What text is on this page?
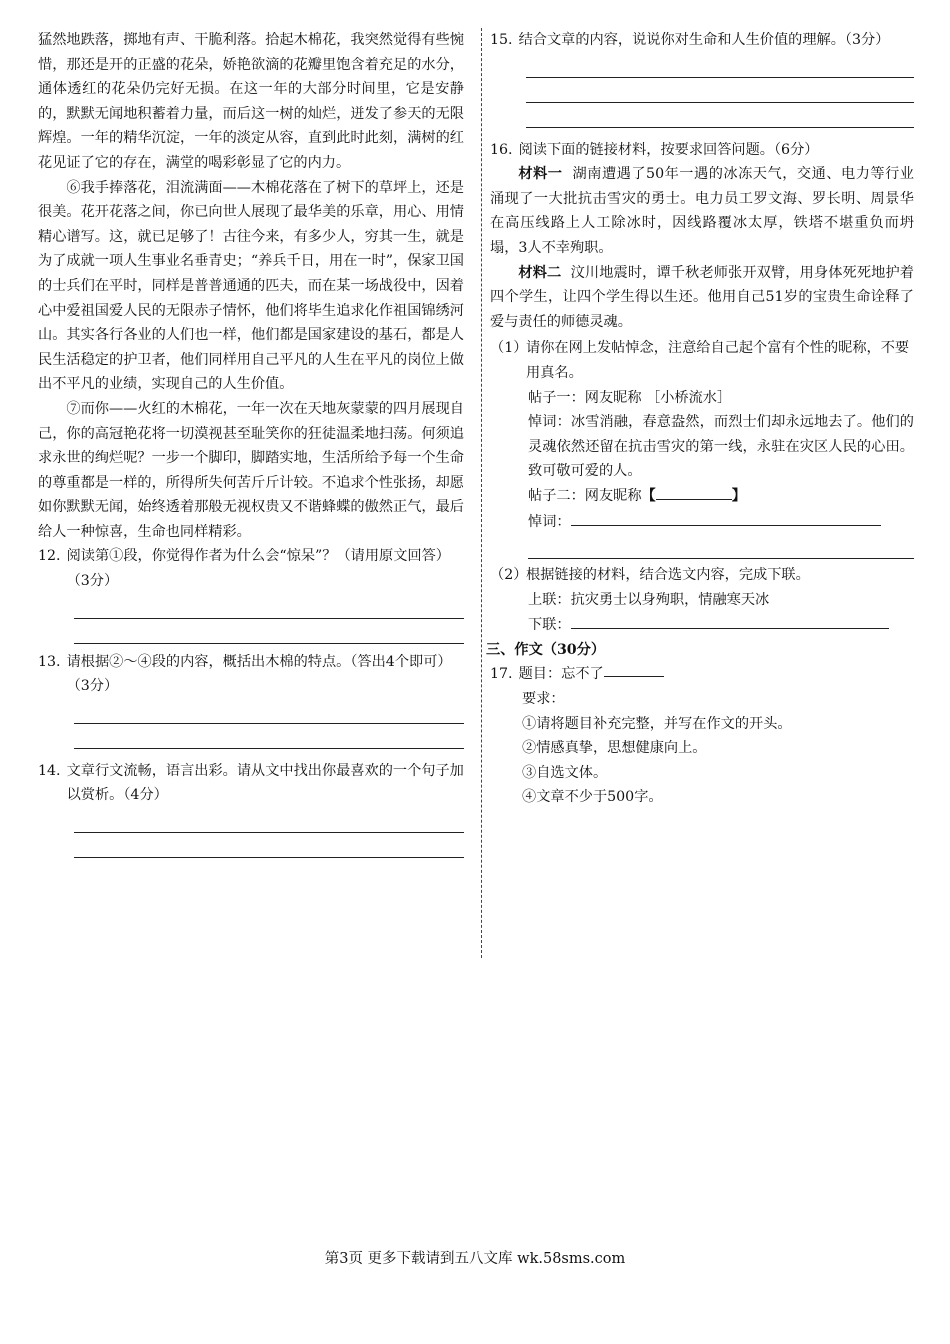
猛然地跌落，掷地有声、干脆利落。拾起木棉花，我突然觉得有些惋惜，那还是开的正盛的花朵，娇艳欲滴的花瓣里饱含着充足的水分，通体透红的花朵仍完好无损。在这一年的大部分时间里，它是安静的，默默无闻地积蓄着力量，而后这一树的灿烂，迸发了参天的无限辉煌。一年的精华沉淀，一年的淡定从容，直到此时此刻，满树的红花见证了它的存在，满堂的喝彩彰显了它的内力。

⑥我手捧落花，泪流满面——木棉花落在了树下的草坪上，还是很美。花开花落之间，你已向世人展现了最华美的乐章，用心、用情精心谱写。这，就已足够了！古往今来，有多少人，穷其一生，就是为了成就一项人生事业名垂青史；“养兵千日，用在一时”，保家卫国的士兵们在平时，同样是普普通通的匹夫，而在某一场战役中，因着心中爱祖国爱人民的无限赤子情怀，他们将毕生追求化作祖国锦绣河山。其实各行各业的人们也一样，他们都是国家建设的基石，都是人民生活稳定的护卫者，他们同样用自己平凡的人生在平凡的岗位上做出不平凡的业绩，实现自己的人生价值。

⑦而你——火红的木棉花，一年一次在天地灰蒙蒙的四月展现自己，你的高冠艳花将一切漠视甚至耻笑你的狂徒温柔地扫荡。何须追求永世的绚烂呢？一步一个脚印，脚踏实地，生活所给予每一个生命的尊重都是一样的，所得所失何苦斤斤计较。不追求个性张扬，却愿如你默默无闻，始终透着那般无视权贵又不谐蜂蝶的傲然正气，最后给人一种惊喜，生命也同样精彩。

12. 阅读第①段，你觉得作者为什么会“惊呆”？（请用原文回答）（3分）
13. 请根据②～④段的内容，概括出木棉的特点。（答出4个即可）（3分）
14. 文章行文流畅，语言出彩。请从文中找出你最喜欢的一个句子加以赏析。（4分）
15. 结合文章的内容，说说你对生命和人生价值的理解。（3分）
16. 阅读下面的链接材料，按要求回答问题。（6分）

材料一 湖南遭遇了50年一遇的冰冻天气，交通、电力等行业涌现了一大批抗击雪灾的勇士。电力员工罗文海、罗长明、周景华在高压线路上人工除冰时，因线路覆冰太厚，铁塔不堪重负而坍塌，3人不幸殉职。

材料二 汶川地震时，谭千秋老师张开双臂，用身体死死地护着四个学生，让四个学生得以生还。他用自己51岁的宝贵生命诠释了爱与责任的师德灵魂。

（1）
请你在网上发帖悼念，注意给自己起个富有个性的昵称，不要用真名。
帖子一：网友昵称 ［小桥流水］

悼词：冰雪消融，春意盎然，而烈士们却永远地去了。他们的灵魂依然还留在抗击雪灾的第一线，永驻在灾区人民的心田。致可敬可爱的人。

帖子二：网友昵称【	】
悼词：
（2）
根据链接的材料，结合选文内容，完成下联。
上联：抗灾勇士以身殉职，情融寒天冰
下联：
三、作文（30分）
17. 题目：忘不了
要求：
①请将题目补充完整，并写在作文的开头。
②情感真挚，思想健康向上。
③自选文体。
④文章不少于500字。
第3页 更多下载请到五八文库 wk.58sms.com
